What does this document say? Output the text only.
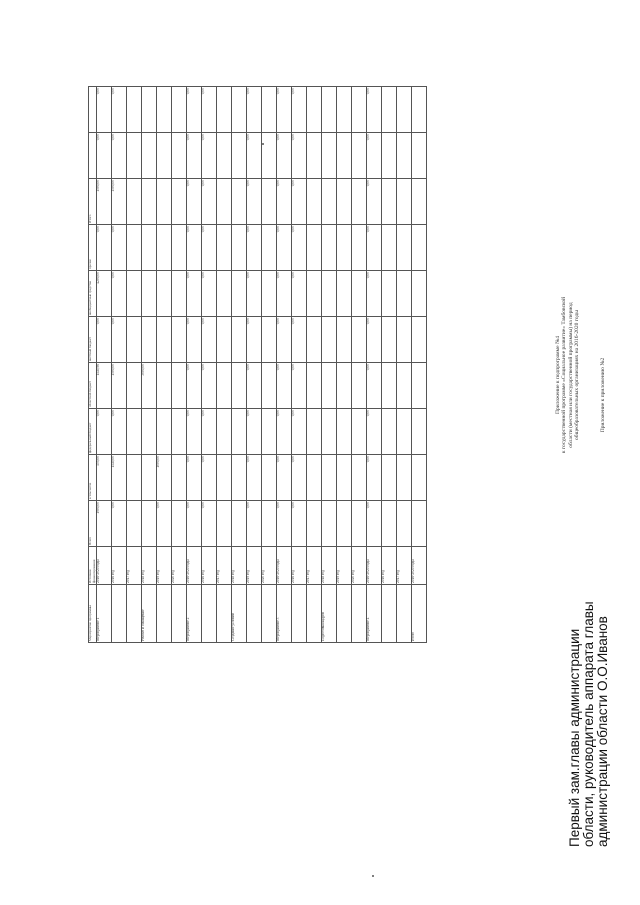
Приложение к приложению №2
Приложение к подпрограмме №4 к государственной программе «Социальное развитие» Тамбовской области (местная или государственной программы) на период общеобразовательных организациях на 2016-2020 годы
Мероприятие программы	Источник финансирования	Всего	в том числе	федеральный бюджет	областной бюджет	местный бюджет	внебюджетные средства	прочие	Итого		
Мероприятие 1	2016-2020 годы	1900,00	155,00	0,00	1140,96	0,00	4200,00	0,00	1500,00	0,00	0,00
	2016 год	0,00	1140,00	0,00	1500,00	0,00	0,00	0,00	1500,00	0,00	0,00
	2017 год										
Ремонт и оснащение	2018 год				3000,00						
	2019 год	0,00	1000,00								
	2020 год										
Мероприятие 2	2016-2020 годы	0,00	0,00	0,00	0,00	0,00	0,00	0,00	0,00	0,00	0,00
	2016 год	0,00	0,00	0,00	0,00	0,00	0,00	0,00	0,00	0,00	0,00
	2017 год										
Создание условий	2018 год										
	2019 год	0,00	0,00	0,00	0,00	0,00	0,00	0,00	0,00	0,00	0,00
	2020 год										
Мероприятие 3	2016-2020 годы	0,00	0,00	0,00	0,00	0,00	0,00	0,00	0,00	0,00	0,00
	2016 год	0,00	0,00	0,00	0,00	0,00	0,00	0,00	0,00	0,00	0,00
	2017 год										
Подготовка кадров	2018 год										
	2019 год										
	2020 год										
Мероприятие 4	2016-2020 годы	0,00	0,00	0,00	0,00	0,00	0,00	0,00	0,00	0,00	0,00
	2016 год										
	2017 год										
Итого	2016-2020 годы										
Первый зам.главы администрации области, руководитель аппарата главы администрации области О.О.Иванов
